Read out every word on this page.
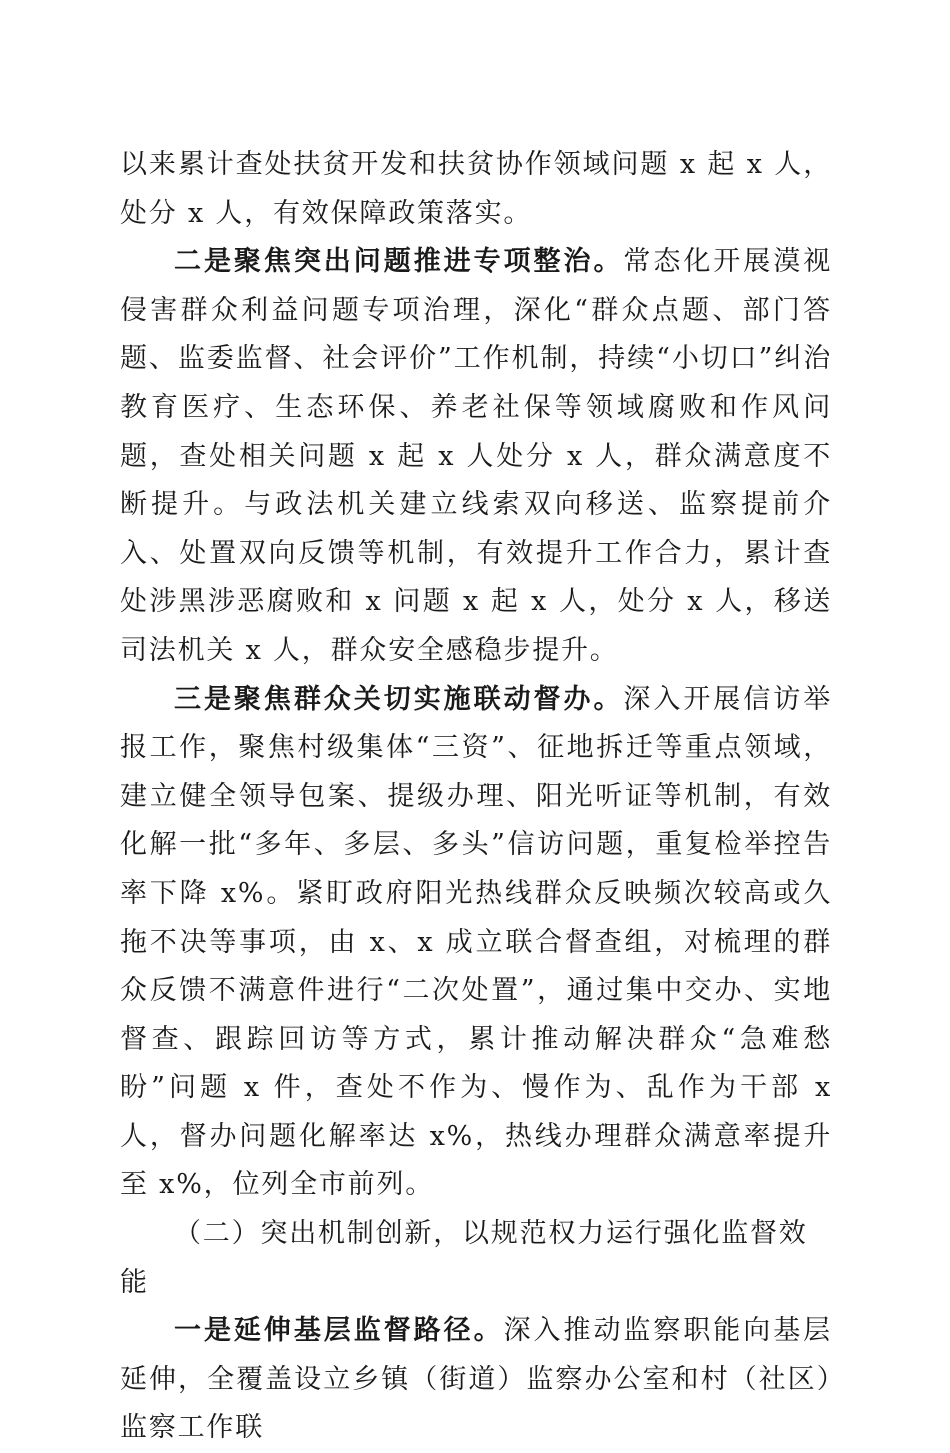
以来累计查处扶贫开发和扶贫协作领域问题 x 起 x 人，处分 x 人，有效保障政策落实。

二是聚焦突出问题推进专项整治。常态化开展漠视侵害群众利益问题专项治理，深化“群众点题、部门答题、监委监督、社会评价”工作机制，持续“小切口”纠治教育医疗、生态环保、养老社保等领域腐败和作风问题，查处相关问题 x 起 x 人处分 x 人，群众满意度不断提升。与政法机关建立线索双向移送、监察提前介入、处置双向反馈等机制，有效提升工作合力，累计查处涉黑涉恶腐败和 x 问题 x 起 x 人，处分 x 人，移送司法机关 x 人，群众安全感稳步提升。

三是聚焦群众关切实施联动督办。深入开展信访举报工作，聚焦村级集体“三资”、征地拆迁等重点领域，建立健全领导包案、提级办理、阳光听证等机制，有效化解一批“多年、多层、多头”信访问题，重复检举控告率下降 x%。紧盯政府阳光热线群众反映频次较高或久拖不决等事项，由 x、x 成立联合督查组，对梳理的群众反馈不满意件进行“二次处置”，通过集中交办、实地督查、跟踪回访等方式，累计推动解决群众“急难愁盼”问题 x 件，查处不作为、慢作为、乱作为干部 x 人，督办问题化解率达 x%，热线办理群众满意率提升至 x%，位列全市前列。

（二）突出机制创新，以规范权力运行强化监督效能

一是延伸基层监督路径。深入推动监察职能向基层延伸，全覆盖设立乡镇（街道）监察办公室和村（社区）监察工作联
